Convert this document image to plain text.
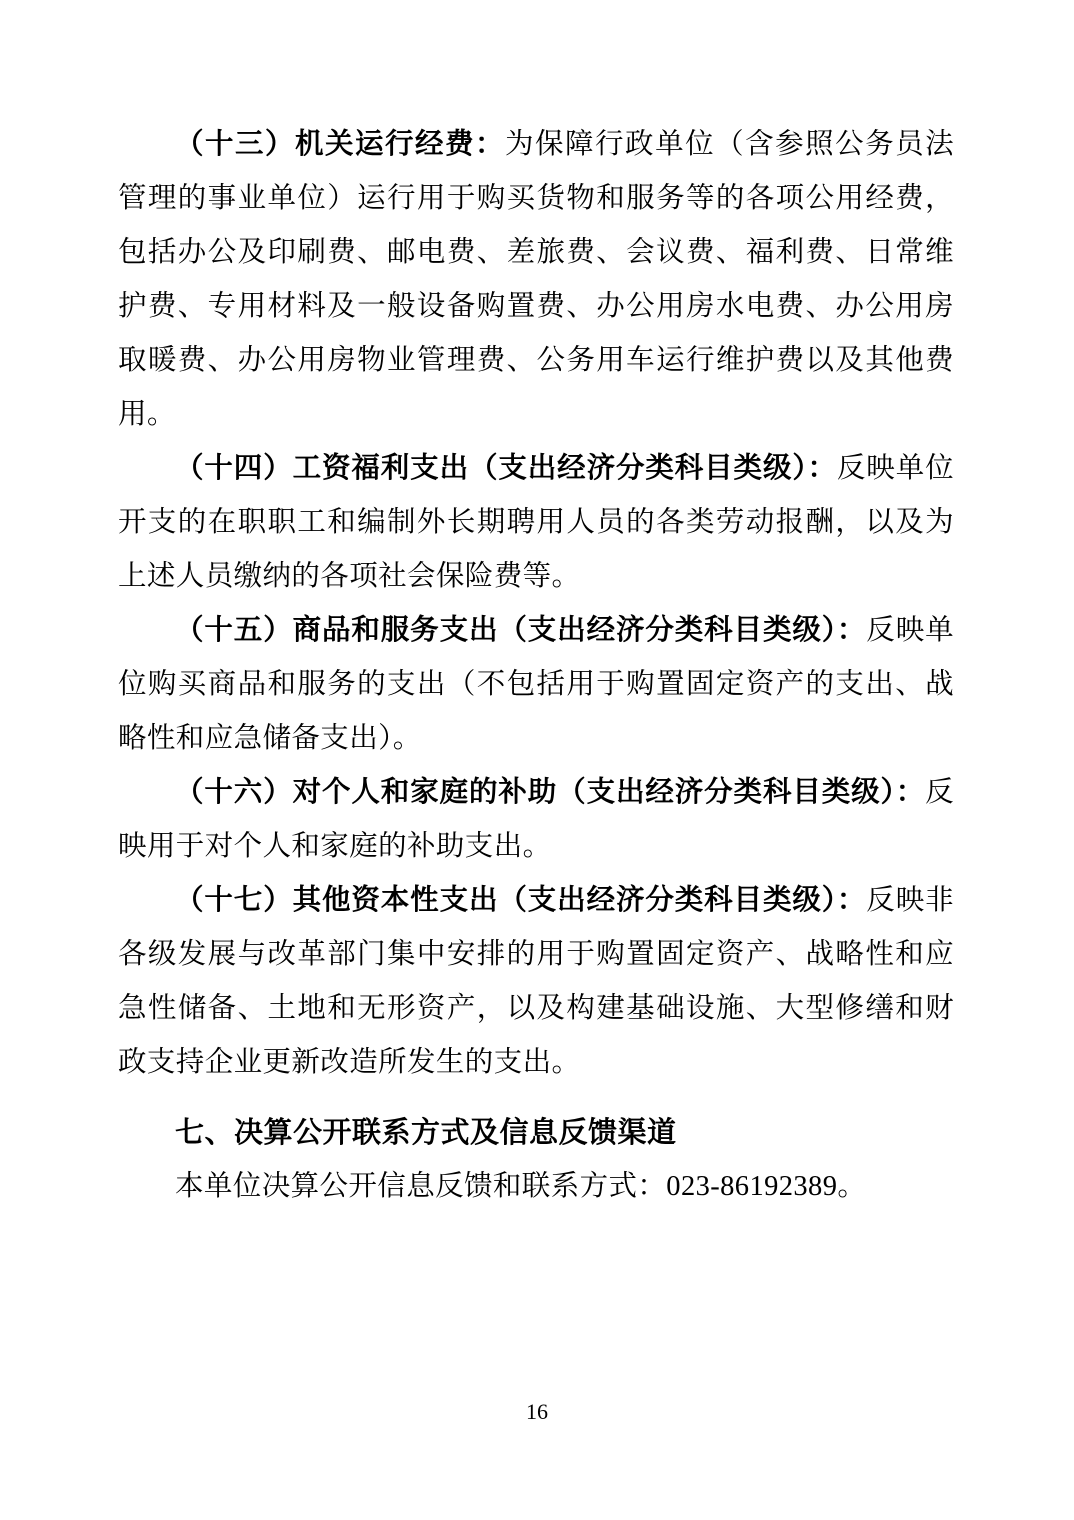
（十三）机关运行经费：为保障行政单位（含参照公务员法管理的事业单位）运行用于购买货物和服务等的各项公用经费，包括办公及印刷费、邮电费、差旅费、会议费、福利费、日常维护费、专用材料及一般设备购置费、办公用房水电费、办公用房取暖费、办公用房物业管理费、公务用车运行维护费以及其他费用。

（十四）工资福利支出（支出经济分类科目类级）：反映单位开支的在职职工和编制外长期聘用人员的各类劳动报酬，以及为上述人员缴纳的各项社会保险费等。

（十五）商品和服务支出（支出经济分类科目类级）：反映单位购买商品和服务的支出（不包括用于购置固定资产的支出、战略性和应急储备支出）。

（十六）对个人和家庭的补助（支出经济分类科目类级）：反映用于对个人和家庭的补助支出。

（十七）其他资本性支出（支出经济分类科目类级）：反映非各级发展与改革部门集中安排的用于购置固定资产、战略性和应急性储备、土地和无形资产，以及构建基础设施、大型修缮和财政支持企业更新改造所发生的支出。

七、决算公开联系方式及信息反馈渠道

本单位决算公开信息反馈和联系方式：023-86192389。

16
